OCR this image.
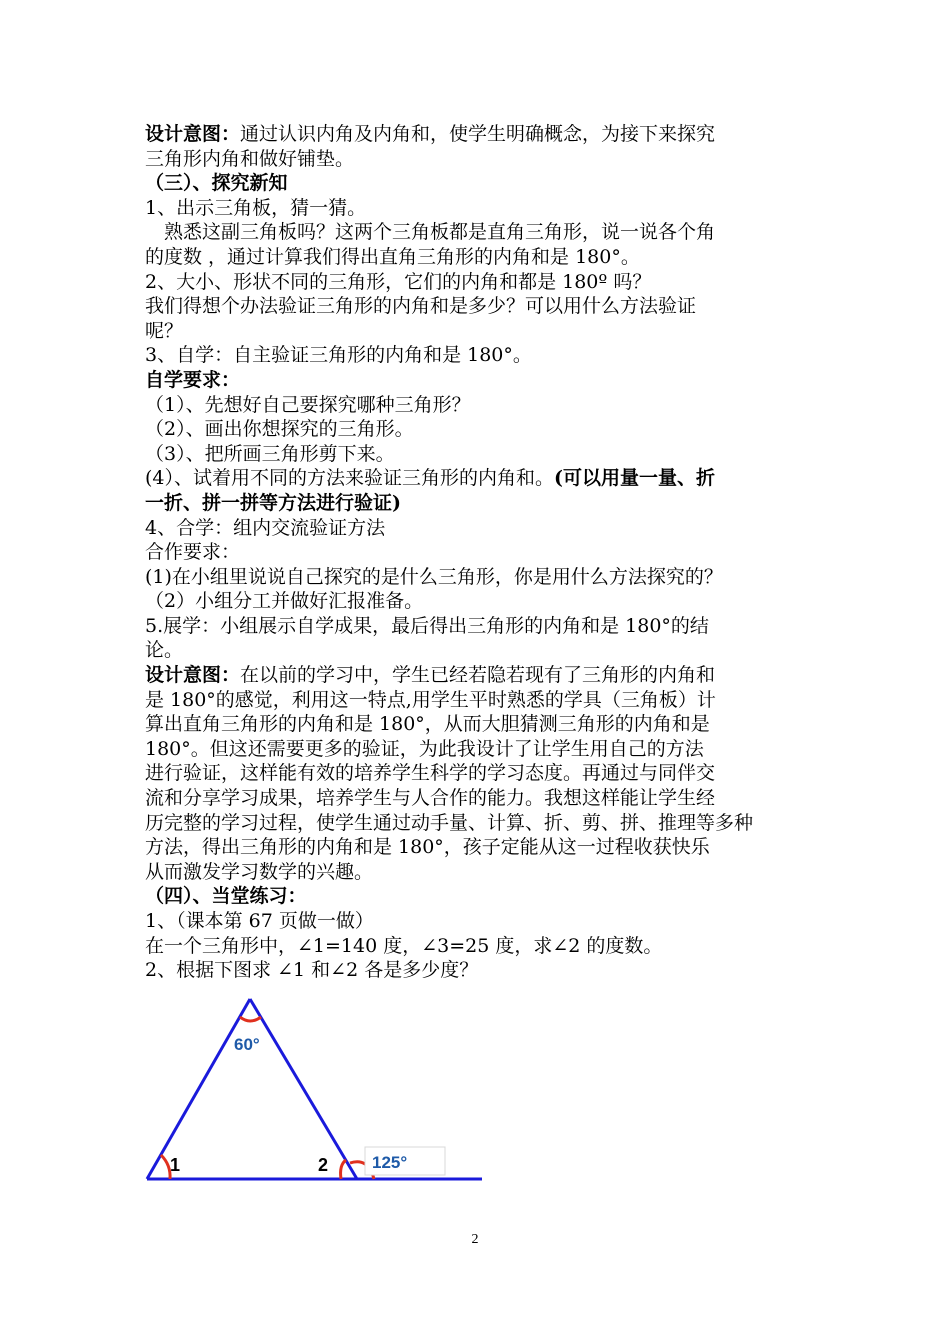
设计意图：通过认识内角及内角和，使学生明确概念，为接下来探究
三角形内角和做好铺垫。
（三）、探究新知
1、出示三角板，猜一猜。
熟悉这副三角板吗？这两个三角板都是直角三角形，说一说各个角
的度数 ，通过计算我们得出直角三角形的内角和是 180°。
2、大小、形状不同的三角形，它们的内角和都是 180º 吗？
我们得想个办法验证三角形的内角和是多少？可以用什么方法验证
呢？
3、自学：自主验证三角形的内角和是 180°。
自学要求：
（1）、先想好自己要探究哪种三角形？
（2）、画出你想探究的三角形。
（3）、把所画三角形剪下来。
(4）、试着用不同的方法来验证三角形的内角和。(可以用量一量、折
一折、拼一拼等方法进行验证)
4、合学：组内交流验证方法
合作要求：
(1)在小组里说说自己探究的是什么三角形，你是用什么方法探究的？
（2）小组分工并做好汇报准备。
5.展学：小组展示自学成果，最后得出三角形的内角和是 180°的结
论。
设计意图：在以前的学习中，学生已经若隐若现有了三角形的内角和
是 180°的感觉，利用这一特点,用学生平时熟悉的学具（三角板）计
算出直角三角形的内角和是 180°，从而大胆猜测三角形的内角和是
180°。但这还需要更多的验证，为此我设计了让学生用自己的方法
进行验证，这样能有效的培养学生科学的学习态度。再通过与同伴交
流和分享学习成果，培养学生与人合作的能力。我想这样能让学生经
历完整的学习过程，使学生通过动手量、计算、折、剪、拼、推理等多种
方法，得出三角形的内角和是 180°，孩子定能从这一过程收获快乐
从而激发学习数学的兴趣。
（四）、当堂练习：
1、（课本第 67 页做一做）
在一个三角形中，∠1=140 度，∠3=25 度，求∠2 的度数。
2、根据下图求 ∠1 和∠2 各是多少度？
60°
1	2	125°
2
